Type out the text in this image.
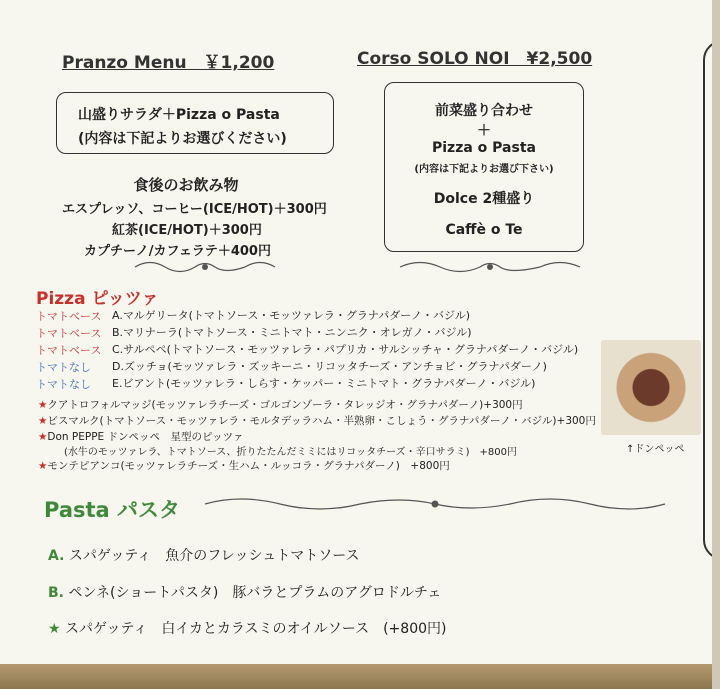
Pranzo Menu　￥1,200
山盛りサラダ＋Pizza o Pasta
(内容は下記よりお選びください)
食後のお飲み物
エスプレッソ、コーヒー(ICE/HOT)＋300円
紅茶(ICE/HOT)＋300円
カプチーノ/カフェラテ＋400円
Corso SOLO NOI　¥2,500
前菜盛り合わせ
＋
Pizza o Pasta
(内容は下記よりお選び下さい)
Dolce 2種盛り
Caffè o Te
Pizza ピッツァ
トマトベース A.マルゲリータ(トマトソース・モッツァレラ・グラナパダーノ・バジル)
トマトベース B.マリナーラ(トマトソース・ミニトマト・ニンニク・オレガノ・バジル)
トマトベース C.サルペペ(トマトソース・モッツァレラ・パプリカ・サルシッチャ・グラナパダーノ・バジル)
トマトなし D.ズッチョ(モッツァレラ・ズッキーニ・リコッタチーズ・アンチョビ・グラナパダーノ)
トマトなし E.ビアント(モッツァレラ・しらす・ケッパー・ミニトマト・グラナパダーノ・バジル)
↑ドンペッペ
★クアトロフォルマッジ(モッツァレラチーズ・ゴルゴンゾーラ・タレッジオ・グラナパダーノ)+300円
★ビスマルク(トマトソース・モッツァレラ・モルタデッラハム・半熟卵・こしょう・グラナパダーノ・バジル)+300円
★Don PEPPE ドンペッペ　星型のピッツァ
(水牛のモッツァレラ、トマトソース、折りたたんだミミにはリコッタチーズ・辛口サラミ)　+800円
★モンテピアンコ(モッツァレラチーズ・生ハム・ルッコラ・グラナパダーノ)　+800円
Pasta パスタ
A. スパゲッティ　魚介のフレッシュトマトソース
B. ペンネ(ショートパスタ)　豚バラとプラムのアグロドルチェ
★ スパゲッティ　白イカとカラスミのオイルソース　(+800円)
